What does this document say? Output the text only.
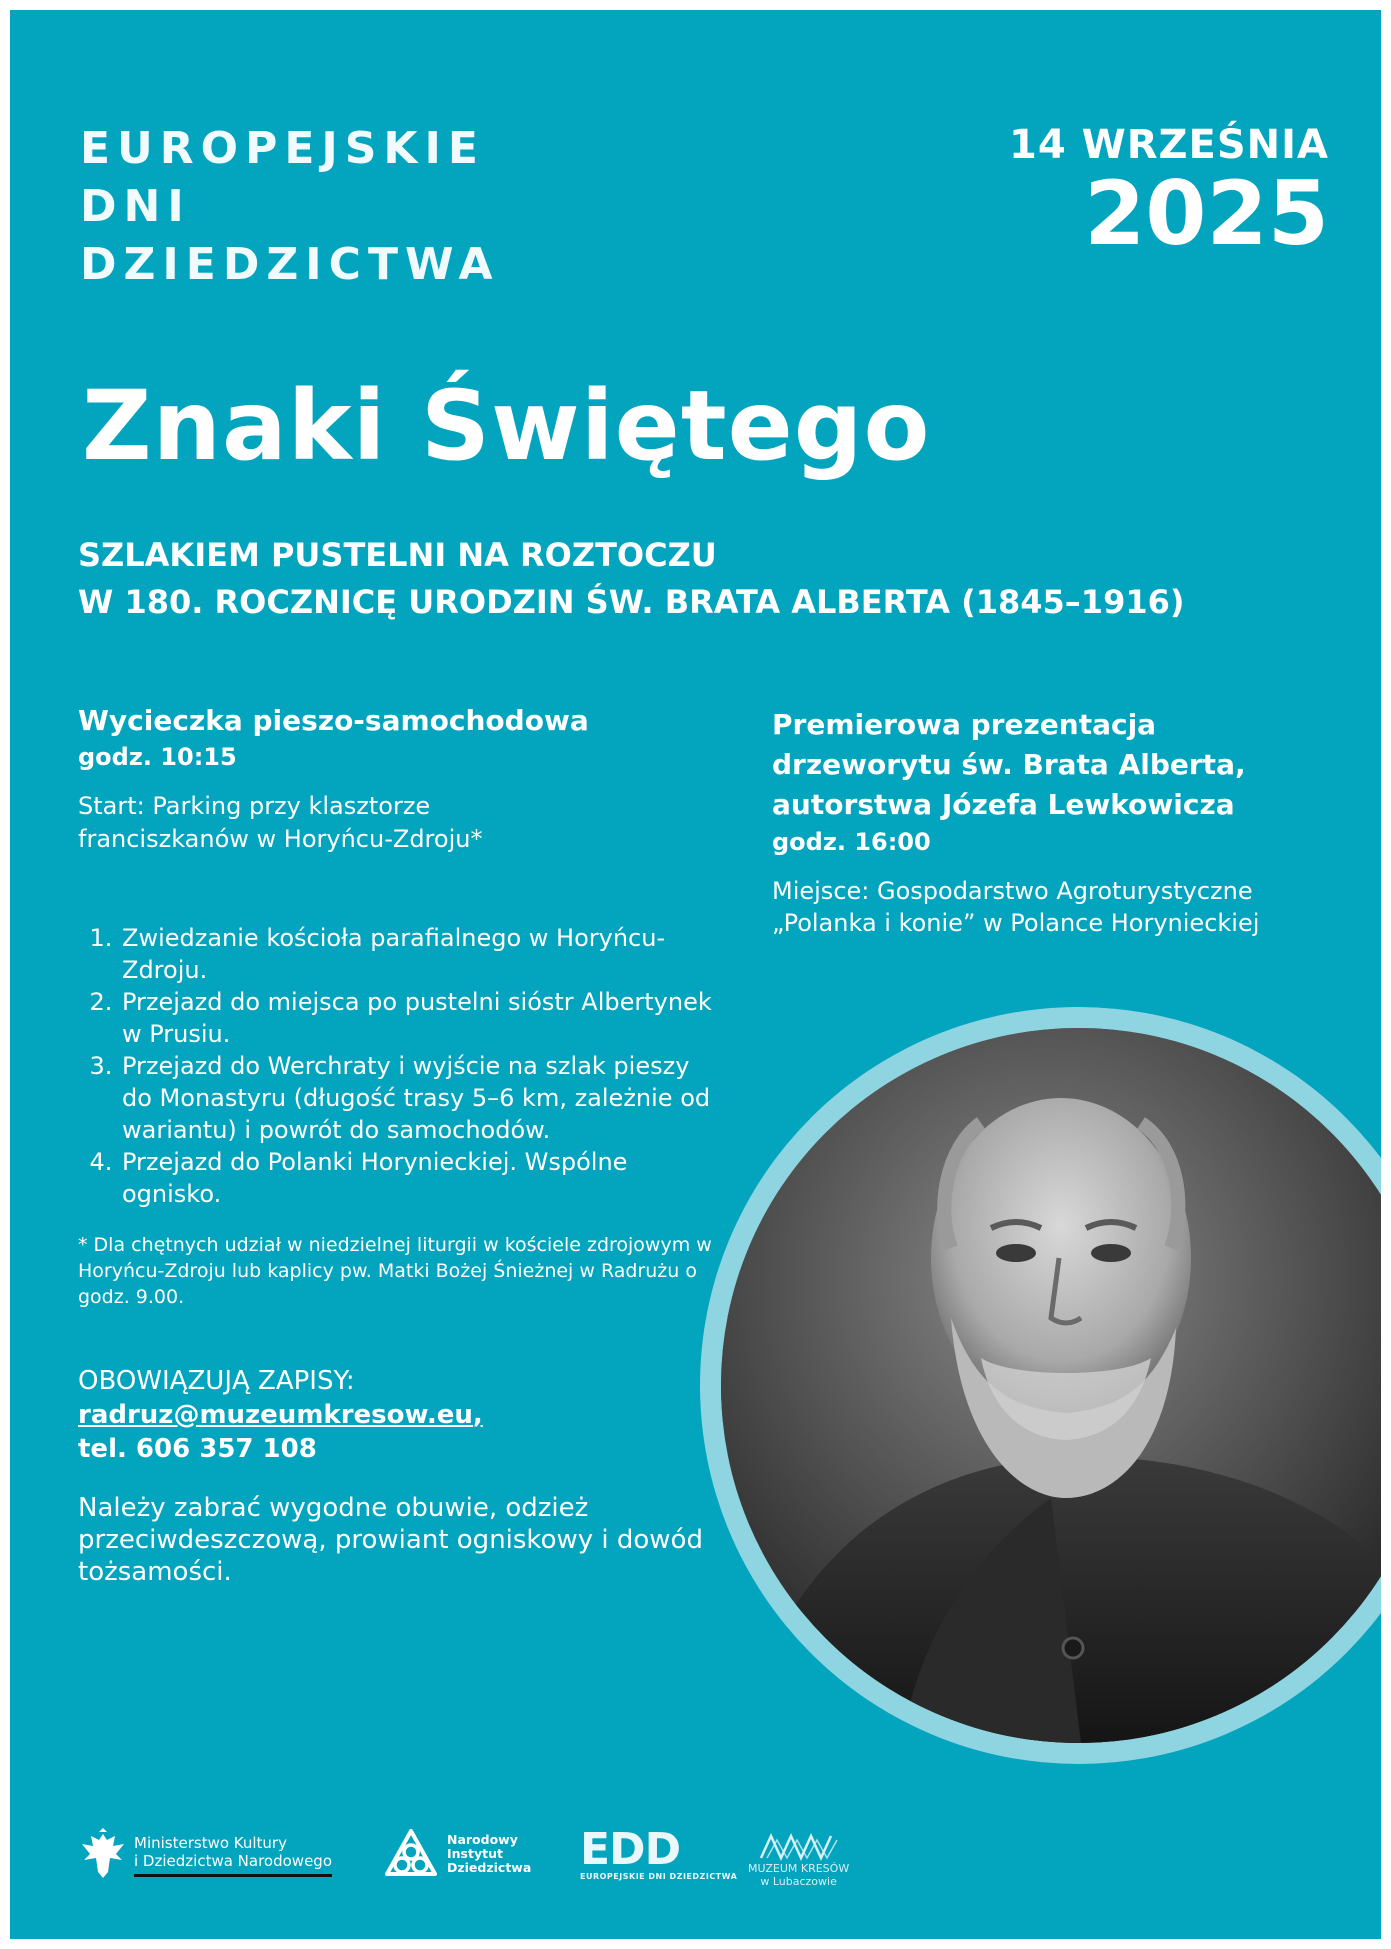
EUROPEJSKIE
DNI
DZIEDZICTWA
14 WRZEŚNIA
2025
Znaki Świętego
SZLAKIEM PUSTELNI NA ROZTOCZU
W 180. ROCZNICĘ URODZIN ŚW. BRATA ALBERTA (1845–1916)
Wycieczka pieszo-samochodowa
godz. 10:15
Start: Parking przy klasztorze
franciszkanów w Horyńcu-Zdroju*
1. Zwiedzanie kościoła parafialnego w Horyńcu-Zdroju.
2. Przejazd do miejsca po pustelni sióstr Albertynek w Prusiu.
3. Przejazd do Werchraty i wyjście na szlak pieszy do Monastyru (długość trasy 5–6 km, zależnie od wariantu) i powrót do samochodów.
4. Przejazd do Polanki Horynieckiej. Wspólne ognisko.
* Dla chętnych udział w niedzielnej liturgii w kościele zdrojowym w Horyńcu-Zdroju lub kaplicy pw. Matki Bożej Śnieżnej w Radrużu o godz. 9.00.
OBOWIĄZUJĄ ZAPISY:
radruz@muzeumkresow.eu,
tel. 606 357 108
Należy zabrać wygodne obuwie, odzież przeciwdeszczową, prowiant ogniskowy i dowód tożsamości.
Premierowa prezentacja
drzeworytu św. Brata Alberta,
autorstwa Józefa Lewkowicza
godz. 16:00
Miejsce: Gospodarstwo Agroturystyczne
„Polanka i konie” w Polance Horynieckiej
Ministerstwo Kultury
i Dziedzictwa Narodowego
Narodowy
Instytut
Dziedzictwa EDD
EUROPEJSKIE DNI DZIEDZICTWA
MUZEUM KRESÓW
w Lubaczowie
